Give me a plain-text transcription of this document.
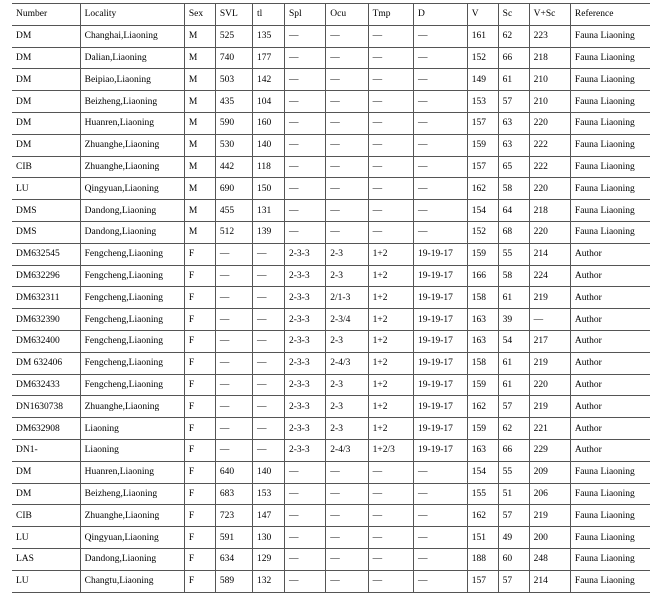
Number	Locality	Sex	SVL	tl	Spl	Ocu	Tmp	D	V	Sc	V+Sc	Reference
DM	Changhai,Liaoning	M	525	135	—	—	—	—	161	62	223	Fauna Liaoning
DM	Dalian,Liaoning	M	740	177	—	—	—	—	152	66	218	Fauna Liaoning
DM	Beipiao,Liaoning	M	503	142	—	—	—	—	149	61	210	Fauna Liaoning
DM	Beizheng,Liaoning	M	435	104	—	—	—	—	153	57	210	Fauna Liaoning
DM	Huanren,Liaoning	M	590	160	—	—	—	—	157	63	220	Fauna Liaoning
DM	Zhuanghe,Liaoning	M	530	140	—	—	—	—	159	63	222	Fauna Liaoning
CIB	Zhuanghe,Liaoning	M	442	118	—	—	—	—	157	65	222	Fauna Liaoning
LU	Qingyuan,Liaoning	M	690	150	—	—	—	—	162	58	220	Fauna Liaoning
DMS	Dandong,Liaoning	M	455	131	—	—	—	—	154	64	218	Fauna Liaoning
DMS	Dandong,Liaoning	M	512	139	—	—	—	—	152	68	220	Fauna Liaoning
DM632545	Fengcheng,Liaoning	F	—	—	2-3-3	2-3	1+2	19-19-17	159	55	214	Author
DM632296	Fengcheng,Liaoning	F	—	—	2-3-3	2-3	1+2	19-19-17	166	58	224	Author
DM632311	Fengcheng,Liaoning	F	—	—	2-3-3	2/1-3	1+2	19-19-17	158	61	219	Author
DM632390	Fengcheng,Liaoning	F	—	—	2-3-3	2-3/4	1+2	19-19-17	163	39	—	Author
DM632400	Fengcheng,Liaoning	F	—	—	2-3-3	2-3	1+2	19-19-17	163	54	217	Author
DM 632406	Fengcheng,Liaoning	F	—	—	2-3-3	2-4/3	1+2	19-19-17	158	61	219	Author
DM632433	Fengcheng,Liaoning	F	—	—	2-3-3	2-3	1+2	19-19-17	159	61	220	Author
DN1630738	Zhuanghe,Liaoning	F	—	—	2-3-3	2-3	1+2	19-19-17	162	57	219	Author
DM632908	Liaoning	F	—	—	2-3-3	2-3	1+2	19-19-17	159	62	221	Author
DN1-	Liaoning	F	—	—	2-3-3	2-4/3	1+2/3	19-19-17	163	66	229	Author
DM	Huanren,Liaoning	F	640	140	—	—	—	—	154	55	209	Fauna Liaoning
DM	Beizheng,Liaoning	F	683	153	—	—	—	—	155	51	206	Fauna Liaoning
CIB	Zhuanghe,Liaoning	F	723	147	—	—	—	—	162	57	219	Fauna Liaoning
LU	Qingyuan,Liaoning	F	591	130	—	—	—	—	151	49	200	Fauna Liaoning
LAS	Dandong,Liaoning	F	634	129	—	—	—	—	188	60	248	Fauna Liaoning
LU	Changtu,Liaoning	F	589	132	—	—	—	—	157	57	214	Fauna Liaoning
